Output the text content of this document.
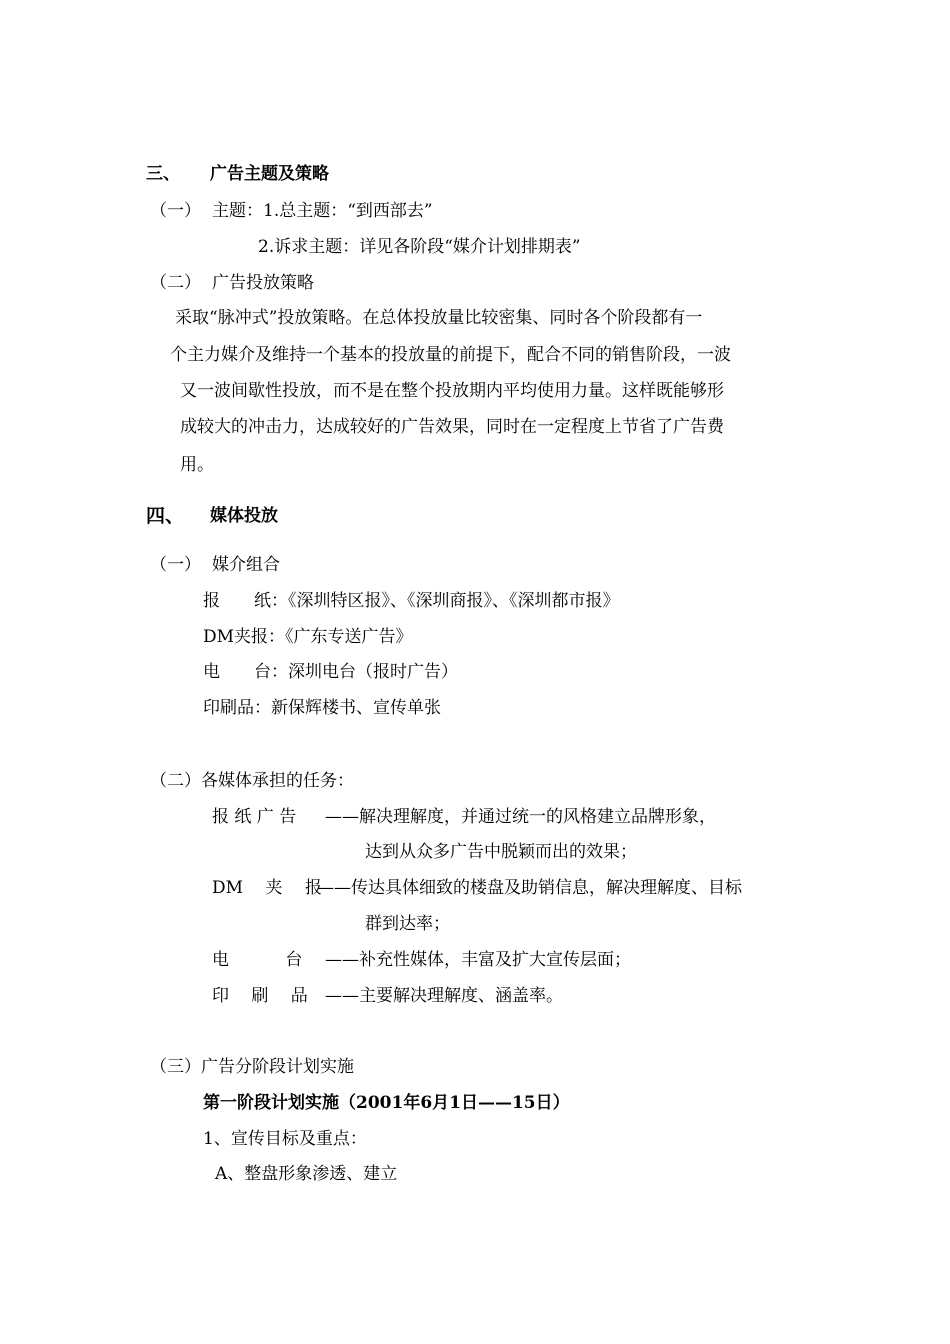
三、 广告主题及策略
（一） 主题：1.总主题：“到西部去”
2.诉求主题：详见各阶段“媒介计划排期表”
（二） 广告投放策略
采取“脉冲式”投放策略。在总体投放量比较密集、同时各个阶段都有一
个主力媒介及维持一个基本的投放量的前提下，配合不同的销售阶段，一波
又一波间歇性投放，而不是在整个投放期内平均使用力量。这样既能够形
成较大的冲击力，达成较好的广告效果，同时在一定程度上节省了广告费
用。
四、 媒体投放
（一） 媒介组合
报　　纸：《深圳特区报》、《深圳商报》、《深圳都市报》
DM夹报：《广东专送广告》
电　　台：深圳电台（报时广告）
印刷品：新保辉楼书、宣传单张
（二）各媒体承担的任务：
报 纸 广 告 ——解决理解度，并通过统一的风格建立品牌形象，
达到从众多广告中脱颖而出的效果；
DM　 夹　 报
——传达具体细致的楼盘及助销信息，解决理解度、目标
群到达率；
电　　　 台 ——补充性媒体，丰富及扩大宣传层面；
印　 刷　 品 ——主要解决理解度、涵盖率。
（三）广告分阶段计划实施
第一阶段计划实施（2001年6月1日——15日）
1、宣传目标及重点：
A、整盘形象渗透、建立
